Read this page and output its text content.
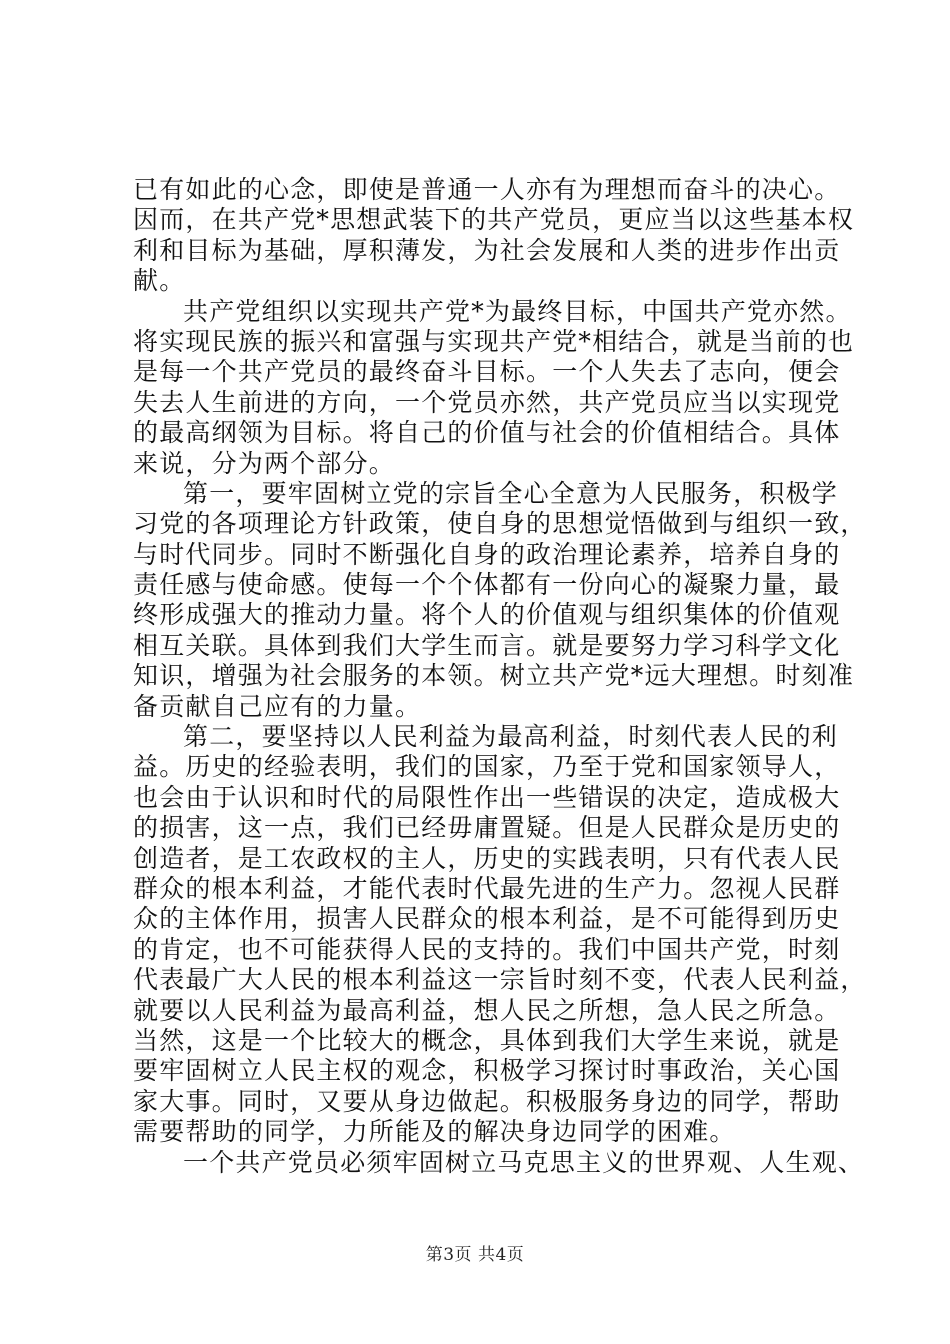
已有如此的心念，即使是普通一人亦有为理想而奋斗的决心。
因而，在共产党*思想武装下的共产党员，更应当以这些基本权
利和目标为基础，厚积薄发，为社会发展和人类的进步作出贡
献。
共产党组织以实现共产党*为最终目标，中国共产党亦然。
将实现民族的振兴和富强与实现共产党*相结合，就是当前的也
是每一个共产党员的最终奋斗目标。一个人失去了志向，便会
失去人生前进的方向，一个党员亦然，共产党员应当以实现党
的最高纲领为目标。将自己的价值与社会的价值相结合。具体
来说，分为两个部分。
第一，要牢固树立党的宗旨全心全意为人民服务，积极学
习党的各项理论方针政策，使自身的思想觉悟做到与组织一致，
与时代同步。同时不断强化自身的政治理论素养，培养自身的
责任感与使命感。使每一个个体都有一份向心的凝聚力量，最
终形成强大的推动力量。将个人的价值观与组织集体的价值观
相互关联。具体到我们大学生而言。就是要努力学习科学文化
知识，增强为社会服务的本领。树立共产党*远大理想。时刻准
备贡献自己应有的力量。
第二，要坚持以人民利益为最高利益，时刻代表人民的利
益。历史的经验表明，我们的国家，乃至于党和国家领导人，
也会由于认识和时代的局限性作出一些错误的决定，造成极大
的损害，这一点，我们已经毋庸置疑。但是人民群众是历史的
创造者，是工农政权的主人，历史的实践表明，只有代表人民
群众的根本利益，才能代表时代最先进的生产力。忽视人民群
众的主体作用，损害人民群众的根本利益，是不可能得到历史
的肯定，也不可能获得人民的支持的。我们中国共产党，时刻
代表最广大人民的根本利益这一宗旨时刻不变，代表人民利益，
就要以人民利益为最高利益，想人民之所想，急人民之所急。
当然，这是一个比较大的概念，具体到我们大学生来说，就是
要牢固树立人民主权的观念，积极学习探讨时事政治，关心国
家大事。同时，又要从身边做起。积极服务身边的同学，帮助
需要帮助的同学，力所能及的解决身边同学的困难。
一个共产党员必须牢固树立马克思主义的世界观、人生观、
第3页 共4页
